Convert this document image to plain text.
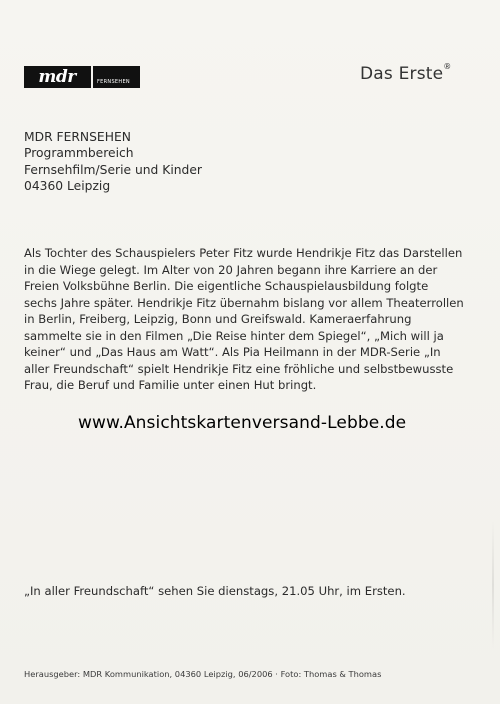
mdr	FERNSEHEN	Das Erste®
MDR FERNSEHEN
Programmbereich
Fernsehfilm/Serie und Kinder
04360 Leipzig
Als Tochter des Schauspielers Peter Fitz wurde Hendrikje Fitz das Darstellen
in die Wiege gelegt. Im Alter von 20 Jahren begann ihre Karriere an der
Freien Volksbühne Berlin. Die eigentliche Schauspielausbildung folgte
sechs Jahre später. Hendrikje Fitz übernahm bislang vor allem Theaterrollen
in Berlin, Freiberg, Leipzig, Bonn und Greifswald. Kameraerfahrung
sammelte sie in den Filmen „Die Reise hinter dem Spiegel“, „Mich will ja
keiner“ und „Das Haus am Watt“. Als Pia Heilmann in der MDR-Serie „In
aller Freundschaft“ spielt Hendrikje Fitz eine fröhliche und selbstbewusste
Frau, die Beruf und Familie unter einen Hut bringt.
www.Ansichtskartenversand-Lebbe.de
„In aller Freundschaft“ sehen Sie dienstags, 21.05 Uhr, im Ersten.
Herausgeber: MDR Kommunikation, 04360 Leipzig, 06/2006 · Foto: Thomas & Thomas
